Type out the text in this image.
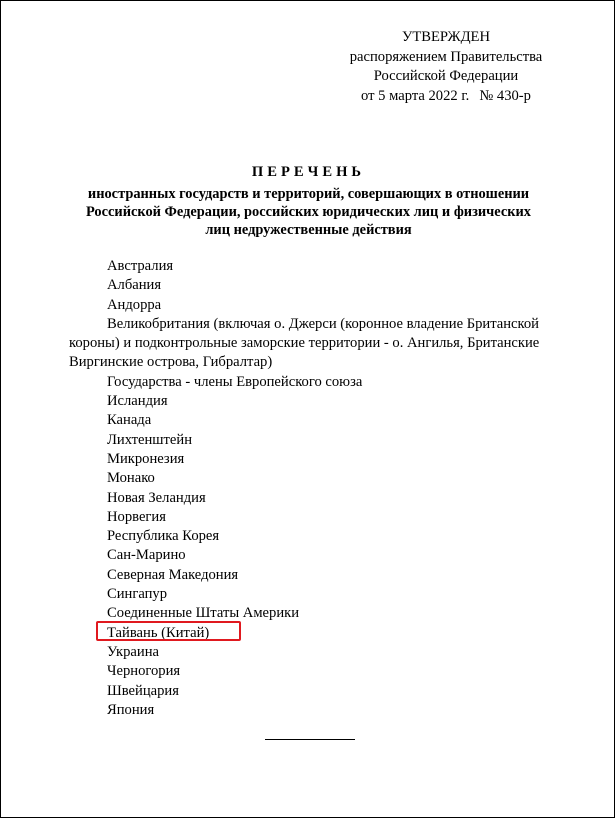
УТВЕРЖДЕН
распоряжением Правительства
Российской Федерации
от 5 марта 2022 г. № 430-р
ПЕРЕЧЕНЬ
иностранных государств и территорий, совершающих в отношении
Российской Федерации, российских юридических лиц и физических
лиц недружественные действия
Австралия
Албания
Андорра
Великобритания (включая о. Джерси (коронное владение Британской
короны) и подконтрольные заморские территории - о. Ангилья, Британские
Виргинские острова, Гибралтар)
Государства - члены Европейского союза
Исландия
Канада
Лихтенштейн
Микронезия
Монако
Новая Зеландия
Норвегия
Республика Корея
Сан-Марино
Северная Македония
Сингапур
Соединенные Штаты Америки
Тайвань (Китай)
Украина
Черногория
Швейцария
Япония
